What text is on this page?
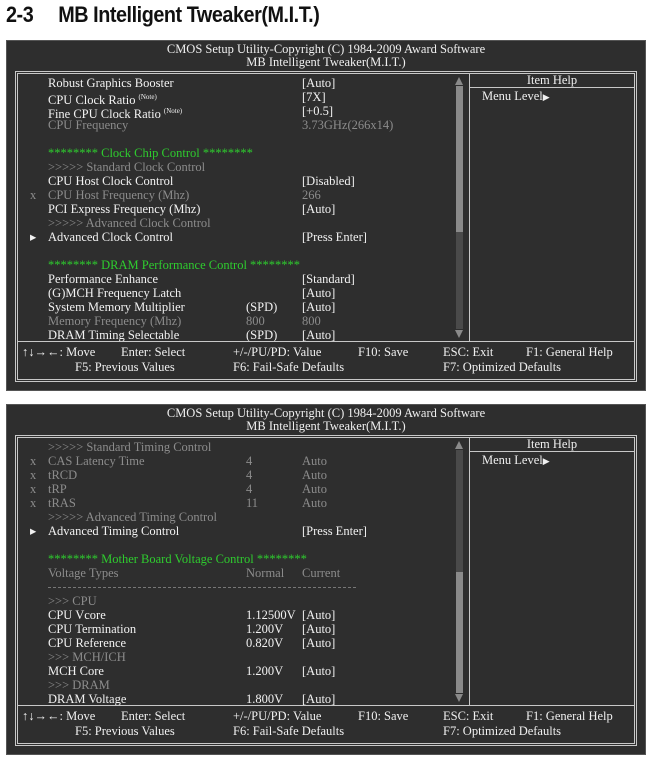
2-3 MB Intelligent Tweaker(M.I.T.)
CMOS Setup Utility-Copyright (C) 1984-2009 Award Software
MB Intelligent Tweaker(M.I.T.)
Robust Graphics Booster	[Auto]
CPU Clock Ratio $^{(Note)}$	[7X]
Fine CPU Clock Ratio $^{(Note)}$	[+0.5]
CPU Frequency	3.73GHz(266x14)
******** Clock Chip Control ********
>>>>> Standard Clock Control
CPU Host Clock Control	[Disabled]
x CPU Host Frequency (Mhz)	266
PCI Express Frequency (Mhz)	[Auto]
>>>>> Advanced Clock Control
▸ Advanced Clock Control	[Press Enter]
******** DRAM Performance Control ********
Performance Enhance	[Standard]
(G)MCH Frequency Latch	[Auto]
System Memory Multiplier	(SPD) [Auto]
Memory Frequency (Mhz)	800	800
DRAM Timing Selectable	(SPD) [Auto]
Item Help
Menu Level▶
↑↓→←: Move Enter: Select	+/-/PU/PD: Value	F10: Save	ESC: Exit	F1: General Help
F5: Previous Values	F6: Fail-Safe Defaults	F7: Optimized Defaults
CMOS Setup Utility-Copyright (C) 1984-2009 Award Software
MB Intelligent Tweaker(M.I.T.)
>>>>> Standard Timing Control
x CAS Latency Time	4	Auto
x tRCD	4	Auto
x tRP	4	Auto
x tRAS	11	Auto
>>>>> Advanced Timing Control
▸ Advanced Timing Control	[Press Enter]
******** Mother Board Voltage Control ********
Voltage Types	Normal Current
>>> CPU
CPU Vcore	1.12500V [Auto]
CPU Termination	1.200V [Auto]
CPU Reference	0.820V [Auto]
>>> MCH/ICH
MCH Core	1.200V [Auto]
>>> DRAM
DRAM Voltage	1.800V [Auto]
Item Help
Menu Level▶
↑↓→←: Move Enter: Select	+/-/PU/PD: Value	F10: Save	ESC: Exit	F1: General Help
F5: Previous Values	F6: Fail-Safe Defaults	F7: Optimized Defaults
